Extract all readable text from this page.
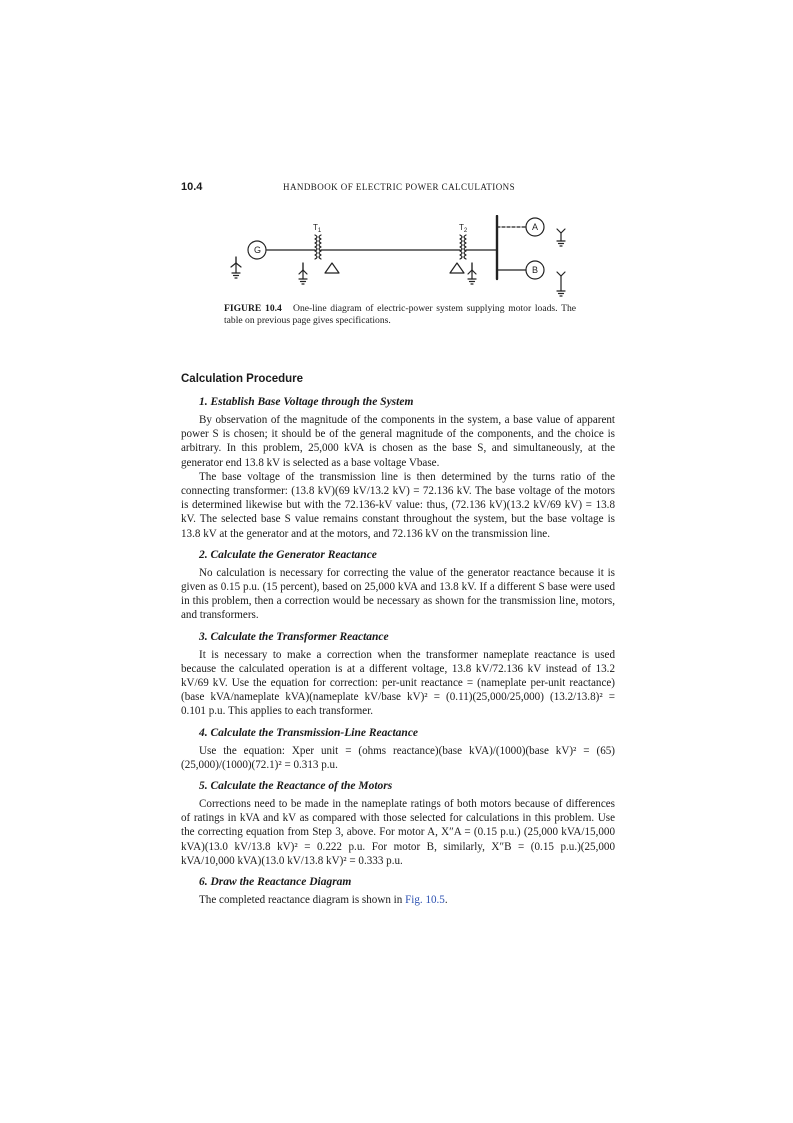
10.4	HANDBOOK OF ELECTRIC POWER CALCULATIONS
G
A
B
$T_1$	$T_2$
FIGURE 10.4 One-line diagram of electric-power system supplying motor loads. The table on previous page gives specifications.
Calculation Procedure
1. Establish Base Voltage through the System

By observation of the magnitude of the components in the system, a base value of apparent power S is chosen; it should be of the general magnitude of the components, and the choice is arbitrary. In this problem, 25,000 kVA is chosen as the base S, and simultaneously, at the generator end 13.8 kV is selected as a base voltage Vbase.

The base voltage of the transmission line is then determined by the turns ratio of the connecting transformer: (13.8 kV)(69 kV/13.2 kV) = 72.136 kV. The base voltage of the motors is determined likewise but with the 72.136-kV value: thus, (72.136 kV)(13.2 kV/69 kV) = 13.8 kV. The selected base S value remains constant throughout the system, but the base voltage is 13.8 kV at the generator and at the motors, and 72.136 kV on the transmission line.

2. Calculate the Generator Reactance

No calculation is necessary for correcting the value of the generator reactance because it is given as 0.15 p.u. (15 percent), based on 25,000 kVA and 13.8 kV. If a different S base were used in this problem, then a correction would be necessary as shown for the transmission line, motors, and transformers.

3. Calculate the Transformer Reactance

It is necessary to make a correction when the transformer nameplate reactance is used because the calculated operation is at a different voltage, 13.8 kV/72.136 kV instead of 13.2 kV/69 kV. Use the equation for correction: per-unit reactance = (nameplate per-unit reactance)(base kVA/nameplate kVA)(nameplate kV/base kV)² = (0.11)(25,000/25,000) (13.2/13.8)² = 0.101 p.u. This applies to each transformer.

4. Calculate the Transmission-Line Reactance

Use the equation: Xper unit = (ohms reactance)(base kVA)/(1000)(base kV)² = (65) (25,000)/(1000)(72.1)² = 0.313 p.u.

5. Calculate the Reactance of the Motors

Corrections need to be made in the nameplate ratings of both motors because of differences of ratings in kVA and kV as compared with those selected for calculations in this problem. Use the correcting equation from Step 3, above. For motor A, X″A = (0.15 p.u.) (25,000 kVA/15,000 kVA)(13.0 kV/13.8 kV)² = 0.222 p.u. For motor B, similarly, X″B = (0.15 p.u.)(25,000 kVA/10,000 kVA)(13.0 kV/13.8 kV)² = 0.333 p.u.

6. Draw the Reactance Diagram

The completed reactance diagram is shown in Fig. 10.5.
